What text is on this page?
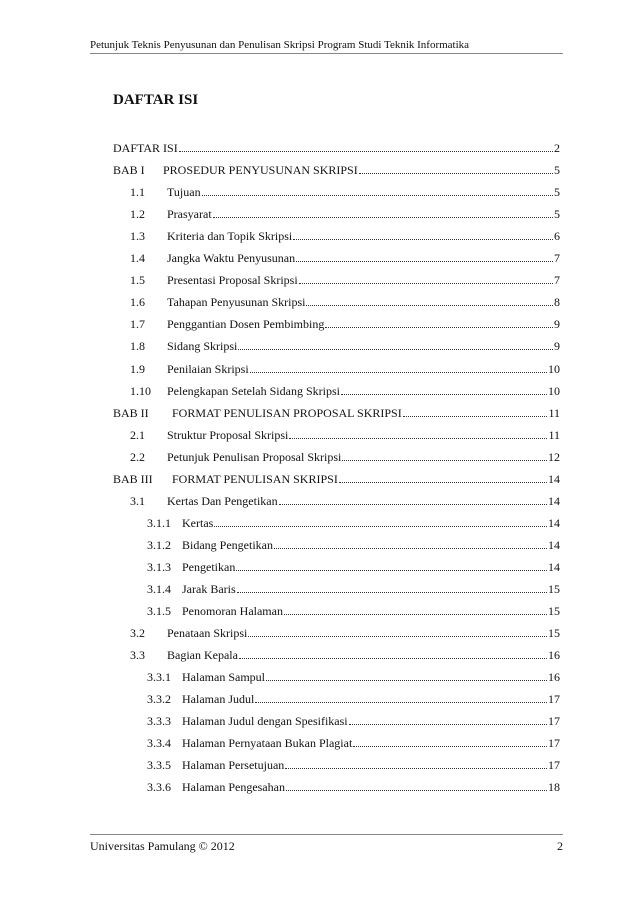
Petunjuk Teknis Penyusunan dan Penulisan Skripsi Program Studi Teknik Informatika
DAFTAR ISI
DAFTAR ISI	2
BAB I	PROSEDUR PENYUSUNAN SKRIPSI	5
1.1	Tujuan	5
1.2	Prasyarat	5
1.3	Kriteria dan Topik Skripsi	6
1.4	Jangka Waktu Penyusunan	7
1.5	Presentasi Proposal Skripsi	7
1.6	Tahapan Penyusunan Skripsi	8
1.7	Penggantian Dosen Pembimbing	9
1.8	Sidang Skripsi	9
1.9	Penilaian Skripsi	10
1.10	Pelengkapan Setelah Sidang Skripsi	10
BAB II	FORMAT PENULISAN PROPOSAL SKRIPSI	11
2.1	Struktur Proposal Skripsi	11
2.2	Petunjuk Penulisan Proposal Skripsi	12
BAB III	FORMAT PENULISAN SKRIPSI	14
3.1	Kertas Dan Pengetikan	14
3.1.1 Kertas	14
3.1.2 Bidang Pengetikan	14
3.1.3 Pengetikan	14
3.1.4 Jarak Baris	15
3.1.5 Penomoran Halaman	15
3.2	Penataan Skripsi	15
3.3	Bagian Kepala	16
3.3.1 Halaman Sampul	16
3.3.2 Halaman Judul	17
3.3.3 Halaman Judul dengan Spesifikasi	17
3.3.4 Halaman Pernyataan Bukan Plagiat	17
3.3.5 Halaman Persetujuan	17
3.3.6 Halaman Pengesahan	18
Universitas Pamulang © 2012	2
